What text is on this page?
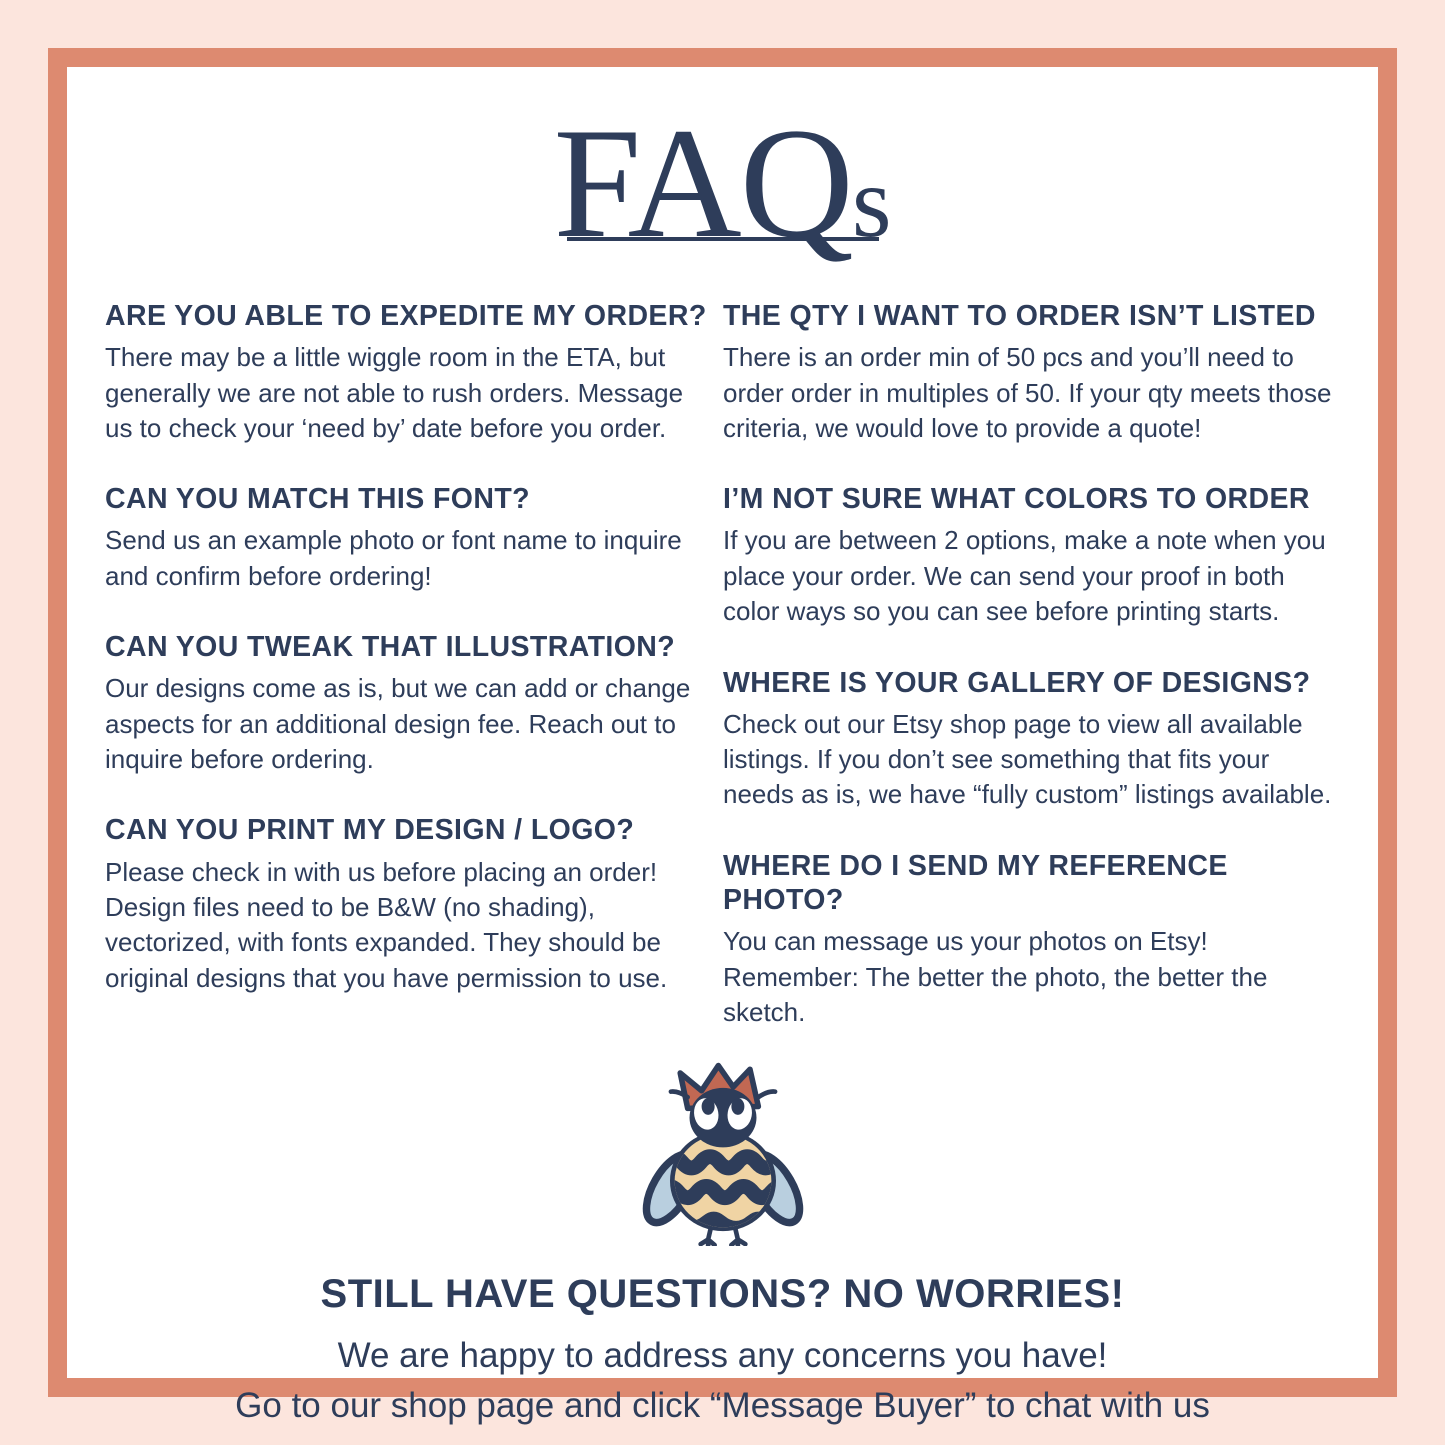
FAQs
ARE YOU ABLE TO EXPEDITE MY ORDER?

There may be a little wiggle room in the ETA, but generally we are not able to rush orders. Message us to check your ‘need by’ date before you order.

CAN YOU MATCH THIS FONT?

Send us an example photo or font name to inquire and confirm before ordering!

CAN YOU TWEAK THAT ILLUSTRATION?

Our designs come as is, but we can add or change aspects for an additional design fee. Reach out to inquire before ordering.

CAN YOU PRINT MY DESIGN / LOGO?

Please check in with us before placing an order! Design files need to be B&W (no shading), vectorized, with fonts expanded. They should be original designs that you have permission to use.

THE QTY I WANT TO ORDER ISN’T LISTED

There is an order min of 50 pcs and you’ll need to order order in multiples of 50. If your qty meets those criteria, we would love to provide a quote!

I’M NOT SURE WHAT COLORS TO ORDER

If you are between 2 options, make a note when you place your order. We can send your proof in both color ways so you can see before printing starts.

WHERE IS YOUR GALLERY OF DESIGNS?

Check out our Etsy shop page to view all available listings. If you don’t see something that fits your needs as is, we have “fully custom” listings available.

WHERE DO I SEND MY REFERENCE PHOTO?

You can message us your photos on Etsy! Remember: The better the photo, the better the sketch.

STILL HAVE QUESTIONS? NO WORRIES!
We are happy to address any concerns you have!
Go to our shop page and click “Message Buyer” to chat with us
